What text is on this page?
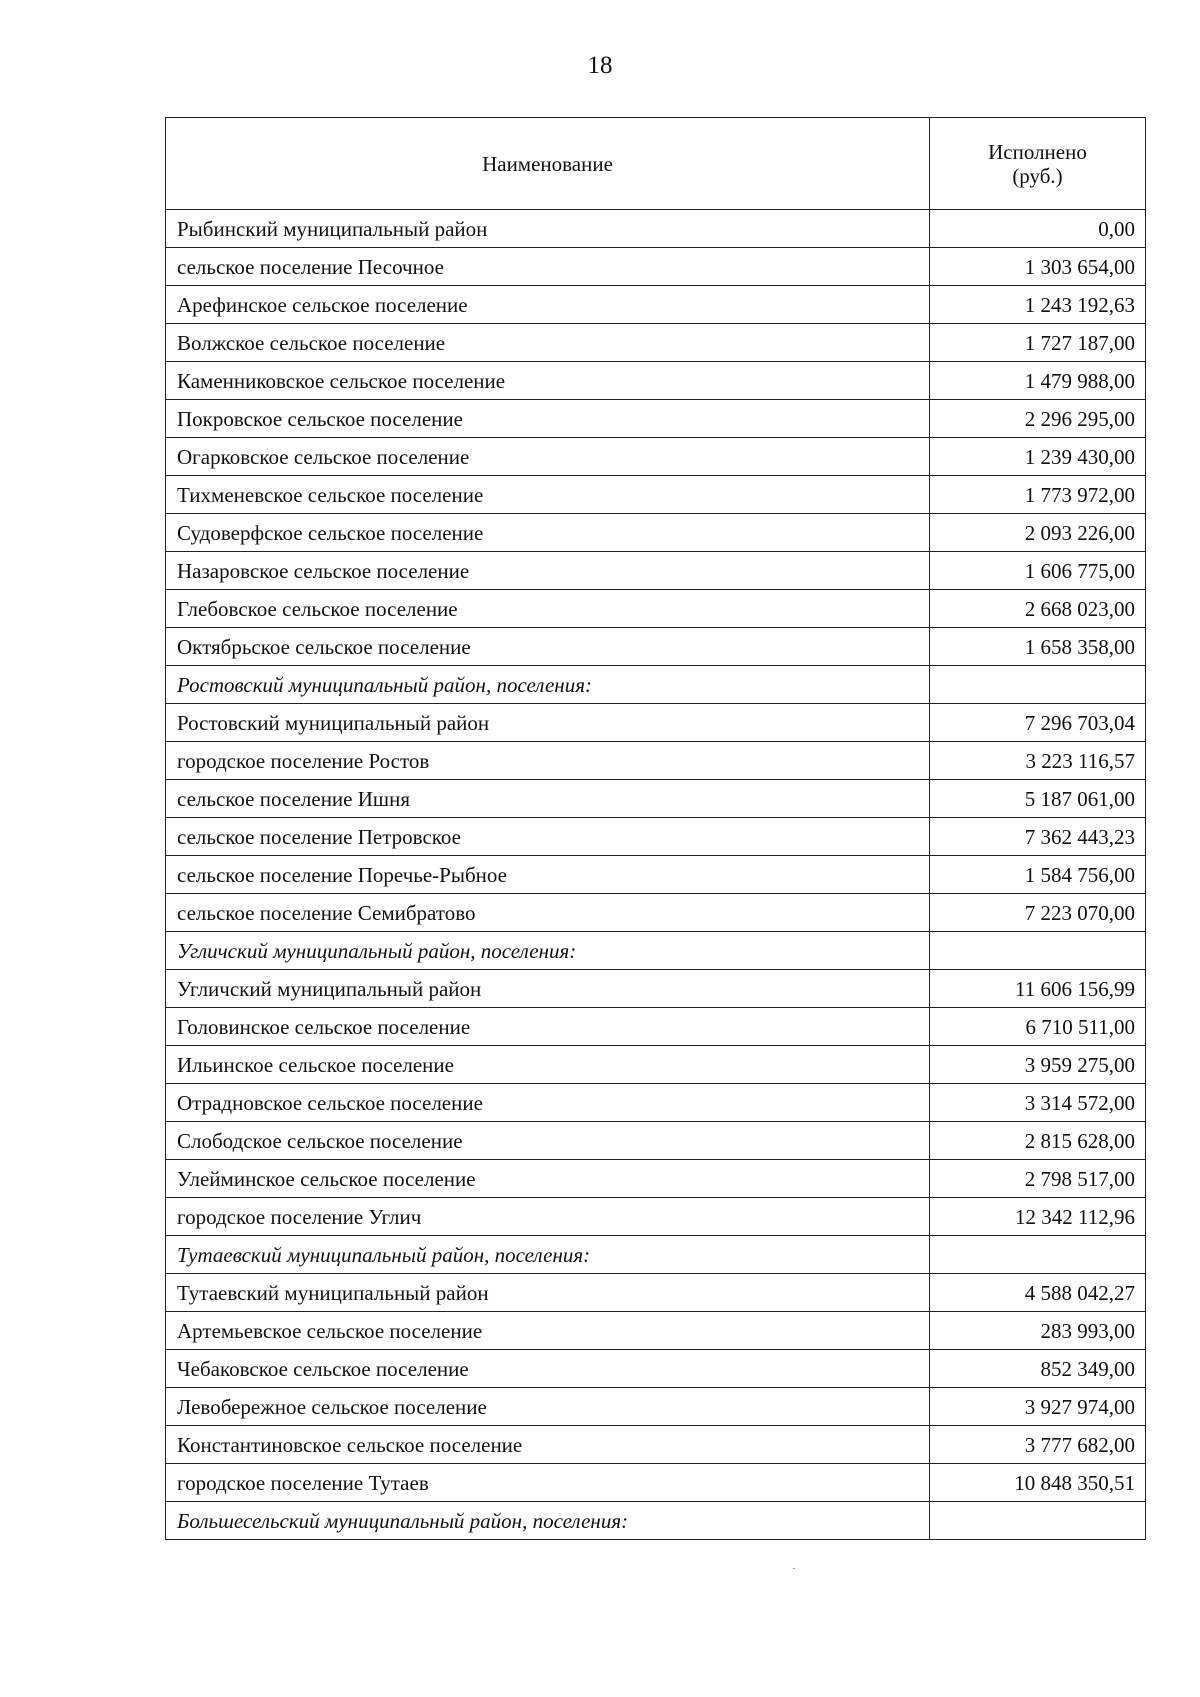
18
Наименование	Исполнено
(руб.)
Рыбинский муниципальный район	0,00
сельское поселение Песочное	1 303 654,00
Арефинское сельское поселение	1 243 192,63
Волжское сельское поселение	1 727 187,00
Каменниковское сельское поселение	1 479 988,00
Покровское сельское поселение	2 296 295,00
Огарковское сельское поселение	1 239 430,00
Тихменевское сельское поселение	1 773 972,00
Судоверфское сельское поселение	2 093 226,00
Назаровское сельское поселение	1 606 775,00
Глебовское сельское поселение	2 668 023,00
Октябрьское сельское поселение	1 658 358,00
Ростовский муниципальный район, поселения:	
Ростовский муниципальный район	7 296 703,04
городское поселение Ростов	3 223 116,57
сельское поселение Ишня	5 187 061,00
сельское поселение Петровское	7 362 443,23
сельское поселение Поречье-Рыбное	1 584 756,00
сельское поселение Семибратово	7 223 070,00
Угличский муниципальный район, поселения:	
Угличский муниципальный район	11 606 156,99
Головинское сельское поселение	6 710 511,00
Ильинское сельское поселение	3 959 275,00
Отрадновское сельское поселение	3 314 572,00
Слободское сельское поселение	2 815 628,00
Улейминское сельское поселение	2 798 517,00
городское поселение Углич	12 342 112,96
Тутаевский муниципальный район, поселения:	
Тутаевский муниципальный район	4 588 042,27
Артемьевское сельское поселение	283 993,00
Чебаковское сельское поселение	852 349,00
Левобережное сельское поселение	3 927 974,00
Константиновское сельское поселение	3 777 682,00
городское поселение Тутаев	10 848 350,51
Большесельский муниципальный район, поселения:	
